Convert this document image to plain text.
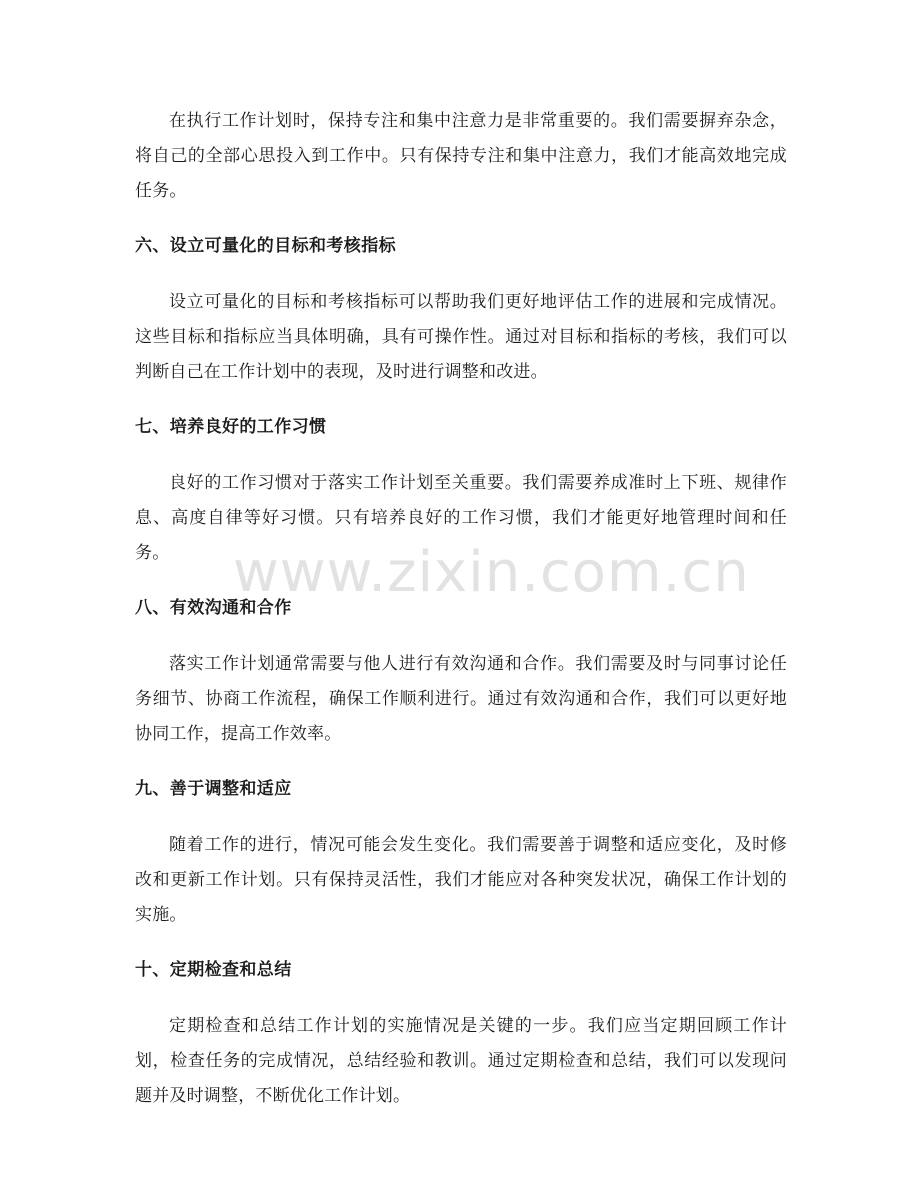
在执行工作计划时，保持专注和集中注意力是非常重要的。我们需要摒弃杂念，将自己的全部心思投入到工作中。只有保持专注和集中注意力，我们才能高效地完成任务。

六、设立可量化的目标和考核指标

设立可量化的目标和考核指标可以帮助我们更好地评估工作的进展和完成情况。这些目标和指标应当具体明确，具有可操作性。通过对目标和指标的考核，我们可以判断自己在工作计划中的表现，及时进行调整和改进。

七、培养良好的工作习惯

良好的工作习惯对于落实工作计划至关重要。我们需要养成准时上下班、规律作息、高度自律等好习惯。只有培养良好的工作习惯，我们才能更好地管理时间和任务。

八、有效沟通和合作

落实工作计划通常需要与他人进行有效沟通和合作。我们需要及时与同事讨论任务细节、协商工作流程，确保工作顺利进行。通过有效沟通和合作，我们可以更好地协同工作，提高工作效率。

九、善于调整和适应

随着工作的进行，情况可能会发生变化。我们需要善于调整和适应变化，及时修改和更新工作计划。只有保持灵活性，我们才能应对各种突发状况，确保工作计划的实施。

十、定期检查和总结

定期检查和总结工作计划的实施情况是关键的一步。我们应当定期回顾工作计划，检查任务的完成情况，总结经验和教训。通过定期检查和总结，我们可以发现问题并及时调整，不断优化工作计划。

www.zixin.com.cn
